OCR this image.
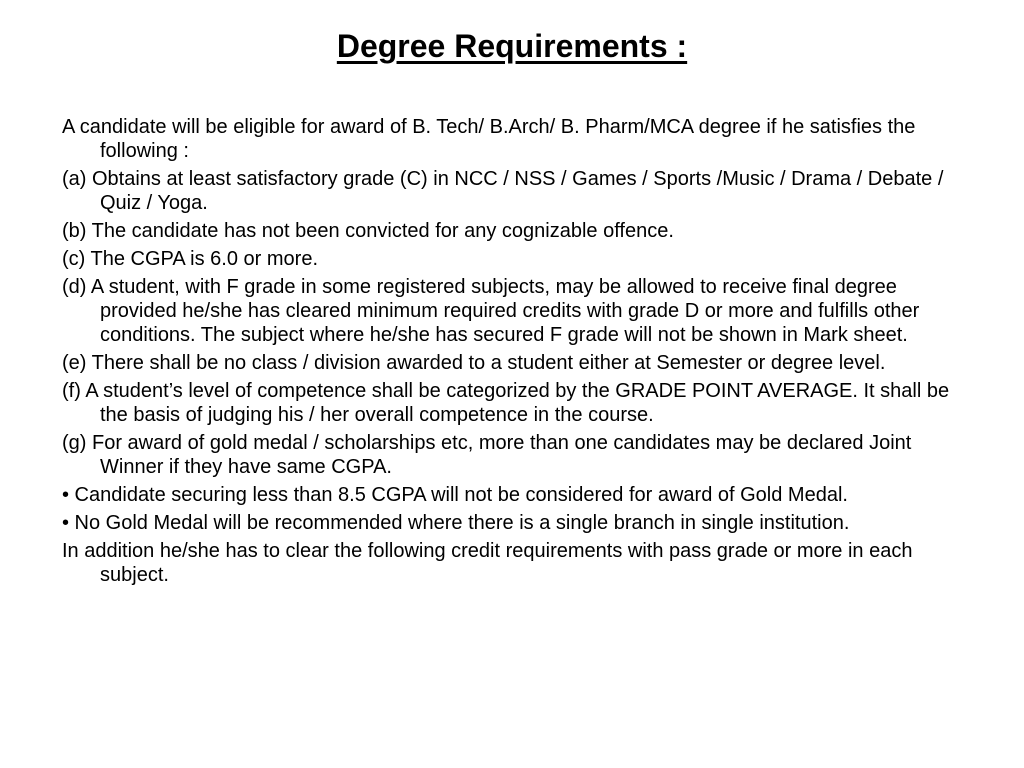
Degree Requirements :

A candidate will be eligible for award of B. Tech/ B.Arch/ B. Pharm/MCA degree if he satisfies the following :

(a) Obtains at least satisfactory grade (C) in NCC / NSS / Games / Sports /Music / Drama / Debate / Quiz / Yoga.

(b) The candidate has not been convicted for any cognizable offence.

(c) The CGPA is 6.0 or more.

(d) A student, with F grade in some registered subjects, may be allowed to receive final degree provided he/she has cleared minimum required credits with grade D or more and fulfills other conditions. The subject where he/she has secured F grade will not be shown in Mark sheet.

(e) There shall be no class / division awarded to a student either at Semester or degree level.

(f) A student’s level of competence shall be categorized by the GRADE POINT AVERAGE. It shall be the basis of judging his / her overall competence in the course.

(g) For award of gold medal / scholarships etc, more than one candidates may be declared Joint Winner if they have same CGPA.

• Candidate securing less than 8.5 CGPA will not be considered for award of Gold Medal.

• No Gold Medal will be recommended where there is a single branch in single institution.

In addition he/she has to clear the following credit requirements with pass grade or more in each subject.
